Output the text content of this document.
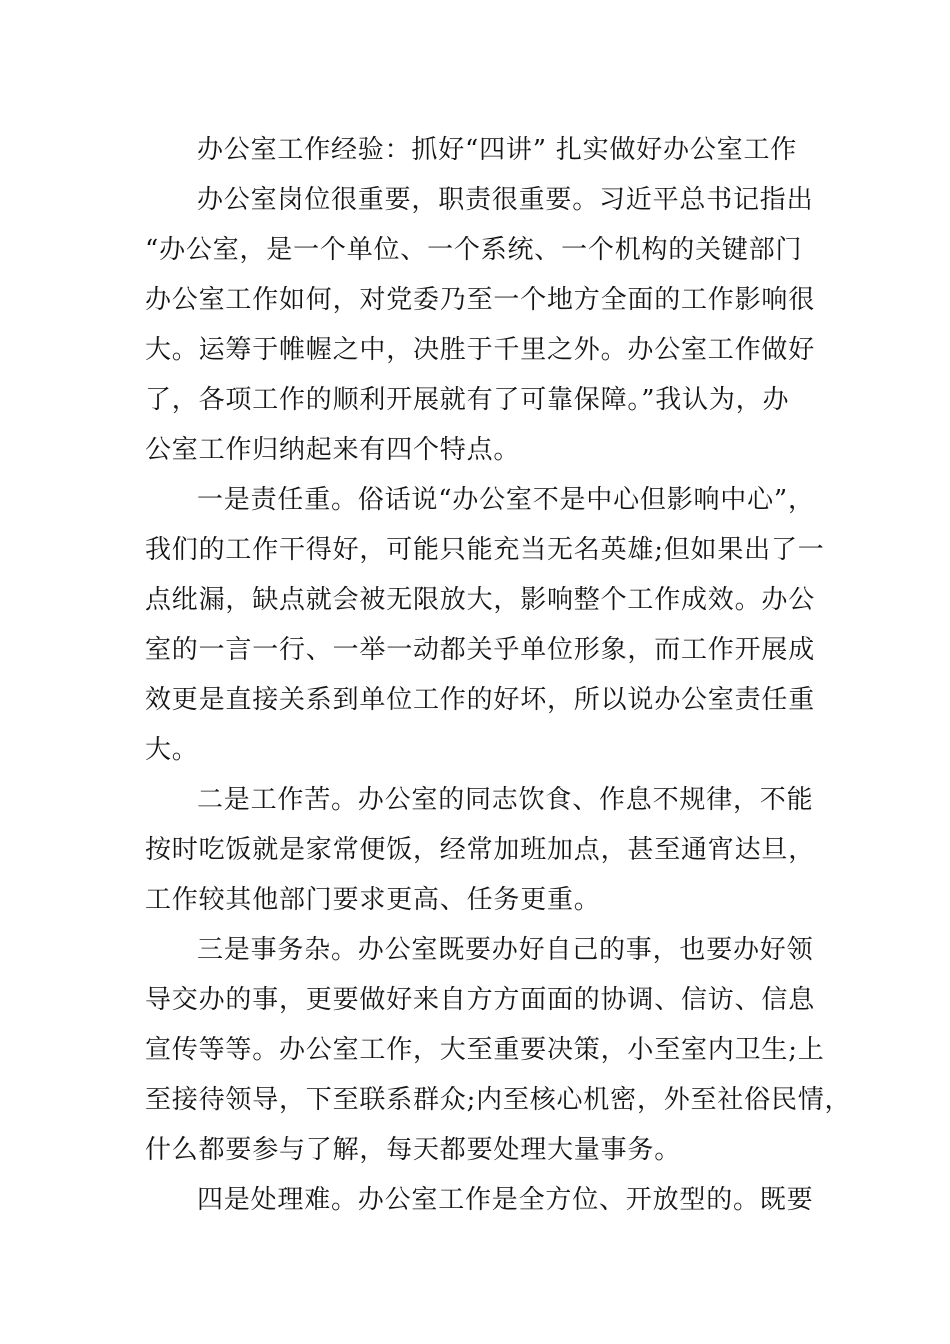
办公室工作经验：抓好“四讲” 扎实做好办公室工作
办公室岗位很重要，职责很重要。习近平总书记指出
“办公室，是一个单位、一个系统、一个机构的关键部门
办公室工作如何，对党委乃至一个地方全面的工作影响很
大。运筹于帷幄之中，决胜于千里之外。办公室工作做好
了，各项工作的顺利开展就有了可靠保障。”我认为，办
公室工作归纳起来有四个特点。
一是责任重。俗话说“办公室不是中心但影响中心”，
我们的工作干得好，可能只能充当无名英雄;但如果出了一
点纰漏，缺点就会被无限放大，影响整个工作成效。办公
室的一言一行、一举一动都关乎单位形象，而工作开展成
效更是直接关系到单位工作的好坏，所以说办公室责任重
大。
二是工作苦。办公室的同志饮食、作息不规律，不能
按时吃饭就是家常便饭，经常加班加点，甚至通宵达旦，
工作较其他部门要求更高、任务更重。
三是事务杂。办公室既要办好自己的事，也要办好领
导交办的事，更要做好来自方方面面的协调、信访、信息
宣传等等。办公室工作，大至重要决策，小至室内卫生;上
至接待领导，下至联系群众;内至核心机密，外至社俗民情，
什么都要参与了解，每天都要处理大量事务。
四是处理难。办公室工作是全方位、开放型的。既要
